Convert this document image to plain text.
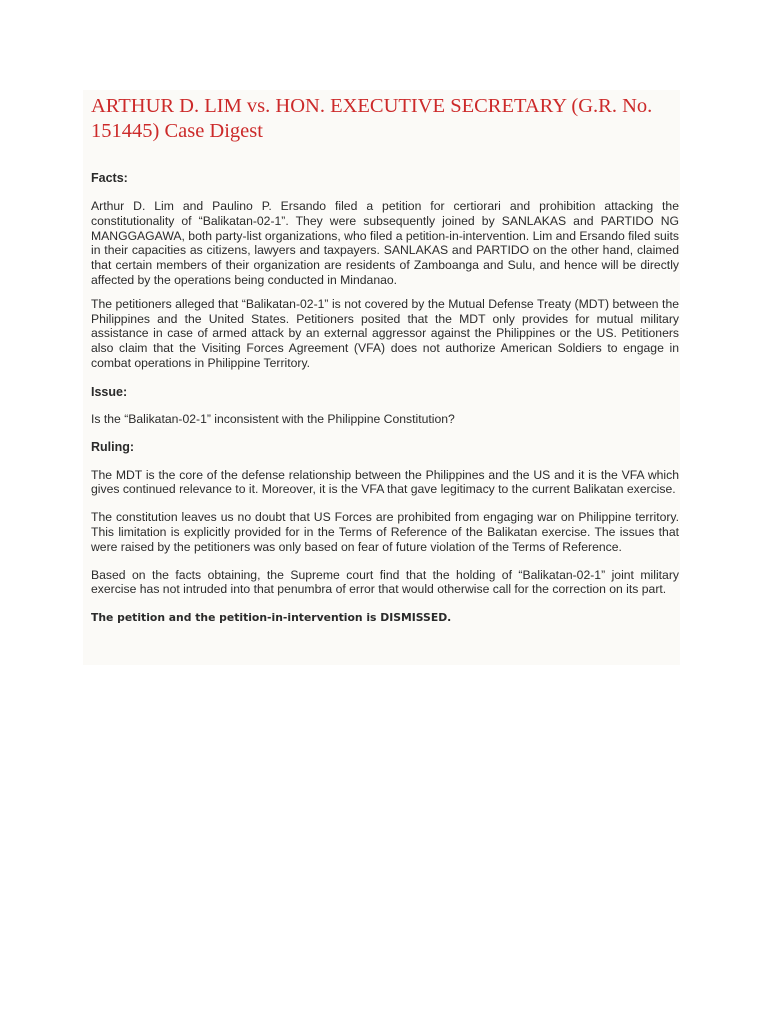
ARTHUR D. LIM vs. HON. EXECUTIVE SECRETARY (G.R. No. 151445) Case Digest

Facts:

Arthur D. Lim and Paulino P. Ersando filed a petition for certiorari and prohibition attacking the constitutionality of “Balikatan-02-1”. They were subsequently joined by SANLAKAS and PARTIDO NG MANGGAGAWA, both party-list organizations, who filed a petition-in-intervention. Lim and Ersando filed suits in their capacities as citizens, lawyers and taxpayers. SANLAKAS and PARTIDO on the other hand, claimed that certain members of their organization are residents of Zamboanga and Sulu, and hence will be directly affected by the operations being conducted in Mindanao.

The petitioners alleged that “Balikatan-02-1” is not covered by the Mutual Defense Treaty (MDT) between the Philippines and the United States. Petitioners posited that the MDT only provides for mutual military assistance in case of armed attack by an external aggressor against the Philippines or the US. Petitioners also claim that the Visiting Forces Agreement (VFA) does not authorize American Soldiers to engage in combat operations in Philippine Territory.

Issue:

Is the “Balikatan-02-1” inconsistent with the Philippine Constitution?

Ruling:

The MDT is the core of the defense relationship between the Philippines and the US and it is the VFA which gives continued relevance to it. Moreover, it is the VFA that gave legitimacy to the current Balikatan exercise.

The constitution leaves us no doubt that US Forces are prohibited from engaging war on Philippine territory. This limitation is explicitly provided for in the Terms of Reference of the Balikatan exercise. The issues that were raised by the petitioners was only based on fear of future violation of the Terms of Reference.

Based on the facts obtaining, the Supreme court find that the holding of “Balikatan-02-1” joint military exercise has not intruded into that penumbra of error that would otherwise call for the correction on its part.

The petition and the petition-in-intervention is DISMISSED.
